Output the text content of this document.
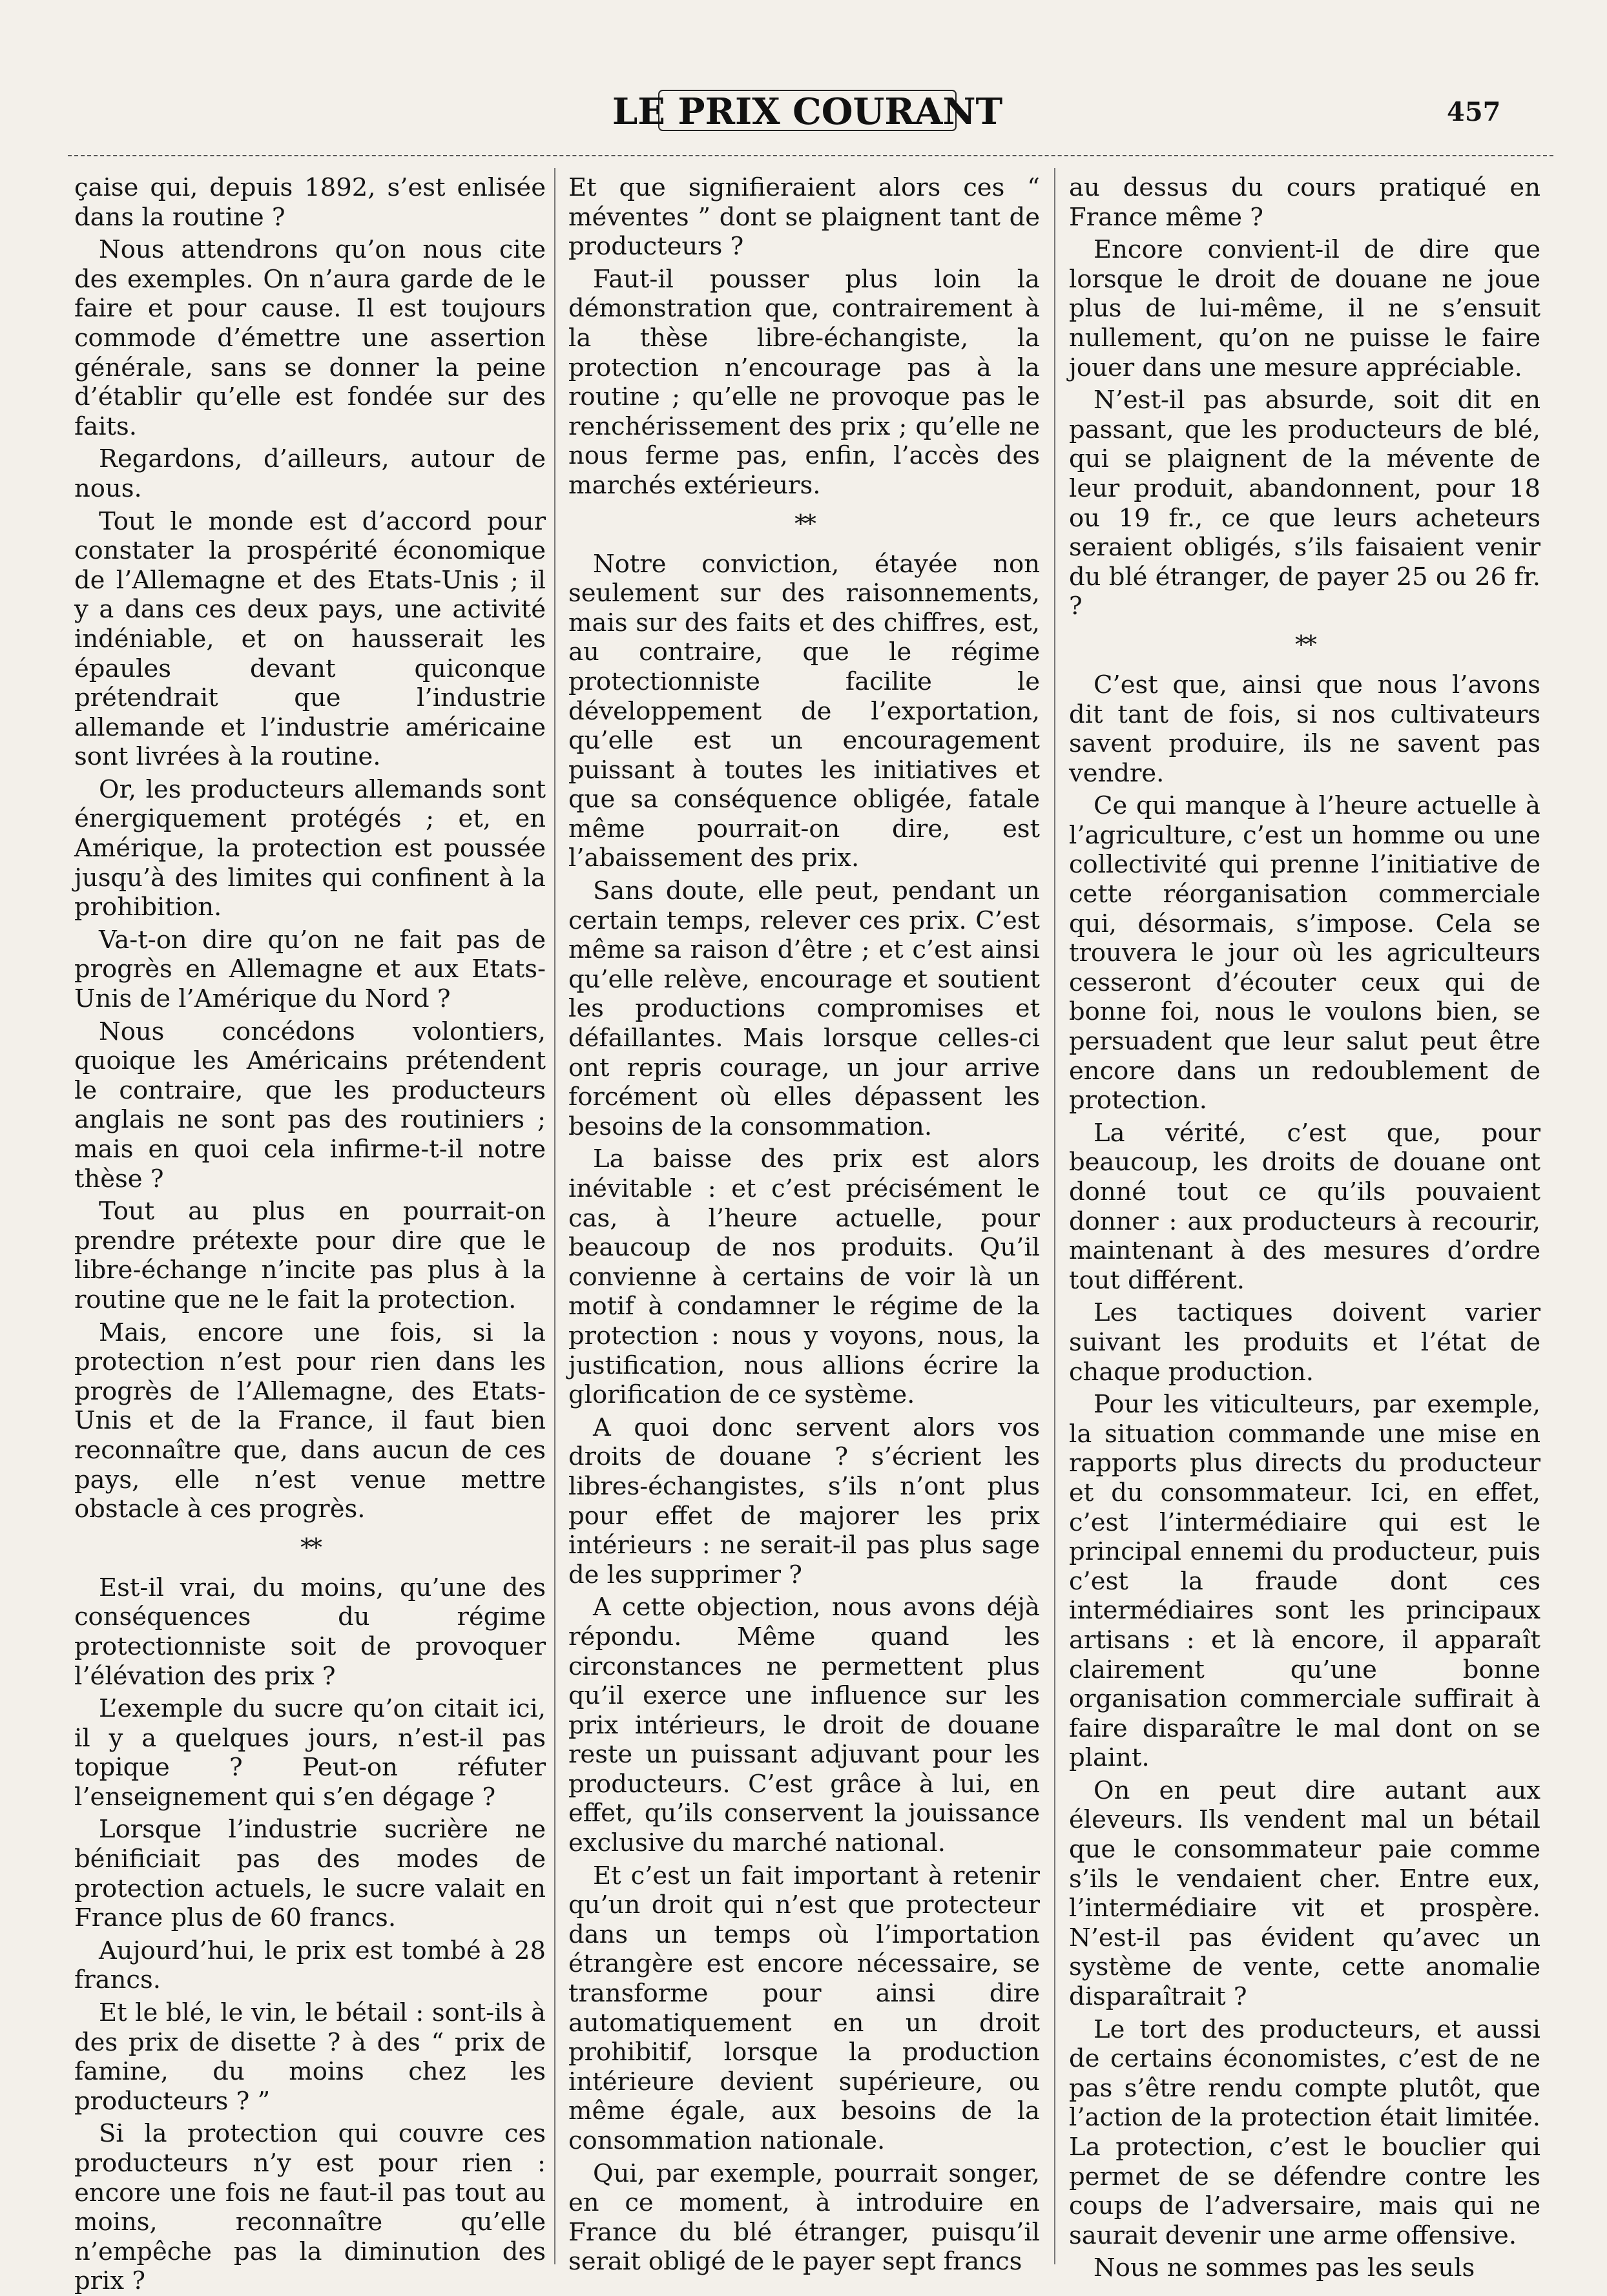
LE PRIX COURANT	457

çaise qui, depuis 1892, s’est enlisée dans la routine ?

Nous attendrons qu’on nous cite des exemples. On n’aura garde de le faire et pour cause. Il est toujours commode d’émettre une assertion générale, sans se donner la peine d’établir qu’elle est fondée sur des faits.

Regardons, d’ailleurs, autour de nous.

Tout le monde est d’accord pour constater la prospérité économique de l’Allemagne et des Etats-Unis ; il y a dans ces deux pays, une activité indéniable, et on hausserait les épaules devant quiconque prétendrait que l’industrie allemande et l’industrie américaine sont livrées à la routine.

Or, les producteurs allemands sont énergiquement protégés ; et, en Amérique, la protection est poussée jusqu’à des limites qui confinent à la prohibition.

Va-t-on dire qu’on ne fait pas de progrès en Allemagne et aux Etats-Unis de l’Amérique du Nord ?

Nous concédons volontiers, quoique les Américains prétendent le contraire, que les producteurs anglais ne sont pas des routiniers ; mais en quoi cela infirme-t-il notre thèse ?

Tout au plus en pourrait-on prendre prétexte pour dire que le libre-échange n’incite pas plus à la routine que ne le fait la protection.

Mais, encore une fois, si la protection n’est pour rien dans les progrès de l’Allemagne, des Etats-Unis et de la France, il faut bien reconnaître que, dans aucun de ces pays, elle n’est venue mettre obstacle à ces progrès.

**

Est-il vrai, du moins, qu’une des conséquences du régime protectionniste soit de provoquer l’élévation des prix ?

L’exemple du sucre qu’on citait ici, il y a quelques jours, n’est-il pas topique ? Peut-on réfuter l’enseignement qui s’en dégage ?

Lorsque l’industrie sucrière ne bénificiait pas des modes de protection actuels, le sucre valait en France plus de 60 francs.

Aujourd’hui, le prix est tombé à 28 francs.

Et le blé, le vin, le bétail : sont-ils à des prix de disette ? à des “ prix de famine, du moins chez les producteurs ? ”

Si la protection qui couvre ces producteurs n’y est pour rien : encore une fois ne faut-il pas tout au moins, reconnaître qu’elle n’empêche pas la diminution des prix ?

Et que signifieraient alors ces “ méventes ” dont se plaignent tant de producteurs ?

Faut-il pousser plus loin la démonstration que, contrairement à la thèse libre-échangiste, la protection n’encourage pas à la routine ; qu’elle ne provoque pas le renchérissement des prix ; qu’elle ne nous ferme pas, enfin, l’accès des marchés extérieurs.

**

Notre conviction, étayée non seulement sur des raisonnements, mais sur des faits et des chiffres, est, au contraire, que le régime protectionniste facilite le développement de l’exportation, qu’elle est un encouragement puissant à toutes les initiatives et que sa conséquence obligée, fatale même pourrait-on dire, est l’abaissement des prix.

Sans doute, elle peut, pendant un certain temps, relever ces prix. C’est même sa raison d’être ; et c’est ainsi qu’elle relève, encourage et soutient les productions compromises et défaillantes. Mais lorsque celles-ci ont repris courage, un jour arrive forcément où elles dépassent les besoins de la consommation.

La baisse des prix est alors inévitable : et c’est précisément le cas, à l’heure actuelle, pour beaucoup de nos produits. Qu’il convienne à certains de voir là un motif à condamner le régime de la protection : nous y voyons, nous, la justification, nous allions écrire la glorification de ce système.

A quoi donc servent alors vos droits de douane ? s’écrient les libres-échangistes, s’ils n’ont plus pour effet de majorer les prix intérieurs : ne serait-il pas plus sage de les supprimer ?

A cette objection, nous avons déjà répondu. Même quand les circonstances ne permettent plus qu’il exerce une influence sur les prix intérieurs, le droit de douane reste un puissant adjuvant pour les producteurs. C’est grâce à lui, en effet, qu’ils conservent la jouissance exclusive du marché national.

Et c’est un fait important à retenir qu’un droit qui n’est que protecteur dans un temps où l’importation étrangère est encore nécessaire, se transforme pour ainsi dire automatiquement en un droit prohibitif, lorsque la production intérieure devient supérieure, ou même égale, aux besoins de la consommation nationale.

Qui, par exemple, pourrait songer, en ce moment, à introduire en France du blé étranger, puisqu’il serait obligé de le payer sept francs

au dessus du cours pratiqué en France même ?

Encore convient-il de dire que lorsque le droit de douane ne joue plus de lui-même, il ne s’ensuit nullement, qu’on ne puisse le faire jouer dans une mesure appréciable.

N’est-il pas absurde, soit dit en passant, que les producteurs de blé, qui se plaignent de la mévente de leur produit, abandonnent, pour 18 ou 19 fr., ce que leurs acheteurs seraient obligés, s’ils faisaient venir du blé étranger, de payer 25 ou 26 fr. ?

**

C’est que, ainsi que nous l’avons dit tant de fois, si nos cultivateurs savent produire, ils ne savent pas vendre.

Ce qui manque à l’heure actuelle à l’agriculture, c’est un homme ou une collectivité qui prenne l’initiative de cette réorganisation commerciale qui, désormais, s’impose. Cela se trouvera le jour où les agriculteurs cesseront d’écouter ceux qui de bonne foi, nous le voulons bien, se persuadent que leur salut peut être encore dans un redoublement de protection.

La vérité, c’est que, pour beaucoup, les droits de douane ont donné tout ce qu’ils pouvaient donner : aux producteurs à recourir, maintenant à des mesures d’ordre tout différent.

Les tactiques doivent varier suivant les produits et l’état de chaque production.

Pour les viticulteurs, par exemple, la situation commande une mise en rapports plus directs du producteur et du consommateur. Ici, en effet, c’est l’intermédiaire qui est le principal ennemi du producteur, puis c’est la fraude dont ces intermédiaires sont les principaux artisans : et là encore, il apparaît clairement qu’une bonne organisation commerciale suffirait à faire disparaître le mal dont on se plaint.

On en peut dire autant aux éleveurs. Ils vendent mal un bétail que le consommateur paie comme s’ils le vendaient cher. Entre eux, l’intermédiaire vit et prospère. N’est-il pas évident qu’avec un système de vente, cette anomalie disparaîtrait ?

Le tort des producteurs, et aussi de certains économistes, c’est de ne pas s’être rendu compte plutôt, que l’action de la protection était limitée. La protection, c’est le bouclier qui permet de se défendre contre les coups de l’adversaire, mais qui ne saurait devenir une arme offensive.

Nous ne sommes pas les seuls
